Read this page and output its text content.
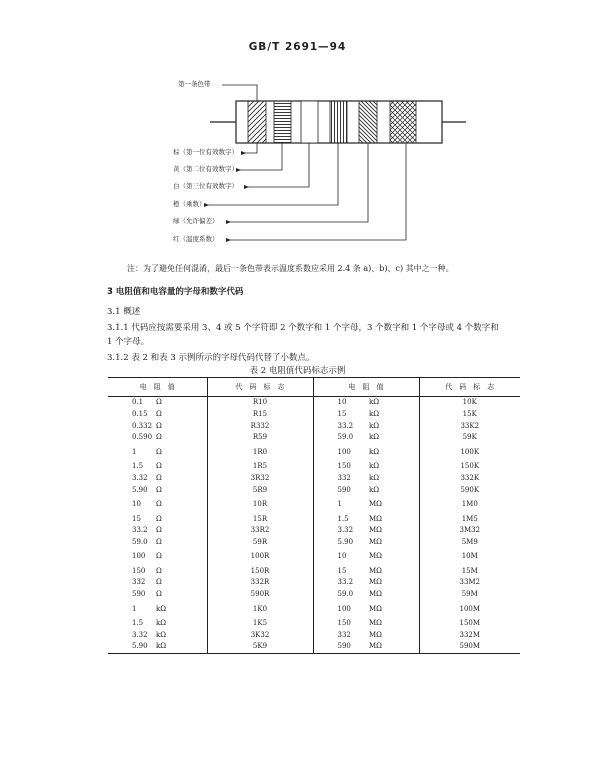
GB/T 2691—94
第一条色带
棕（第一位有效数字）
黄（第二位有效数字）
白（第三位有效数字）
橙（乘数）
绿（允许偏差）
红（温度系数）
注：为了避免任何混淆，最后一条色带表示温度系数应采用 2.4 条 a)、b)、c) 其中之一种。
3 电阻值和电容量的字母和数字代码
3.1 概述
3.1.1 代码应按需要采用 3、4 或 5 个字符即 2 个数字和 1 个字母，3 个数字和 1 个字母或 4 个数字和
1 个字母。
3.1.2 表 2 和表 3 示例所示的字母代码代替了小数点。
表 2 电阻值代码标志示例
电　阻　值		代　码　标　志	电　阻　值		代　码　标　志
0.1	Ω	R10	10	kΩ	10K
0.15	Ω	R15	15	kΩ	15K
0.332	Ω	R332	33.2	kΩ	33K2
0.590	Ω	R59	59.0	kΩ	59K
1	Ω	1R0	100	kΩ	100K
1.5	Ω	1R5	150	kΩ	150K
3.32	Ω	3R32	332	kΩ	332K
5.90	Ω	5R9	590	kΩ	590K
10	Ω	10R	1	MΩ	1M0
15	Ω	15R	1.5	MΩ	1M5
33.2	Ω	33R2	3.32	MΩ	3M32
59.0	Ω	59R	5.90	MΩ	5M9
100	Ω	100R	10	MΩ	10M
150	Ω	150R	15	MΩ	15M
332	Ω	332R	33.2	MΩ	33M2
590	Ω	590R	59.0	MΩ	59M
1	kΩ	1K0	100	MΩ	100M
1.5	kΩ	1K5	150	MΩ	150M
3.32	kΩ	3K32	332	MΩ	332M
5.90	kΩ	5K9	590	MΩ	590M
